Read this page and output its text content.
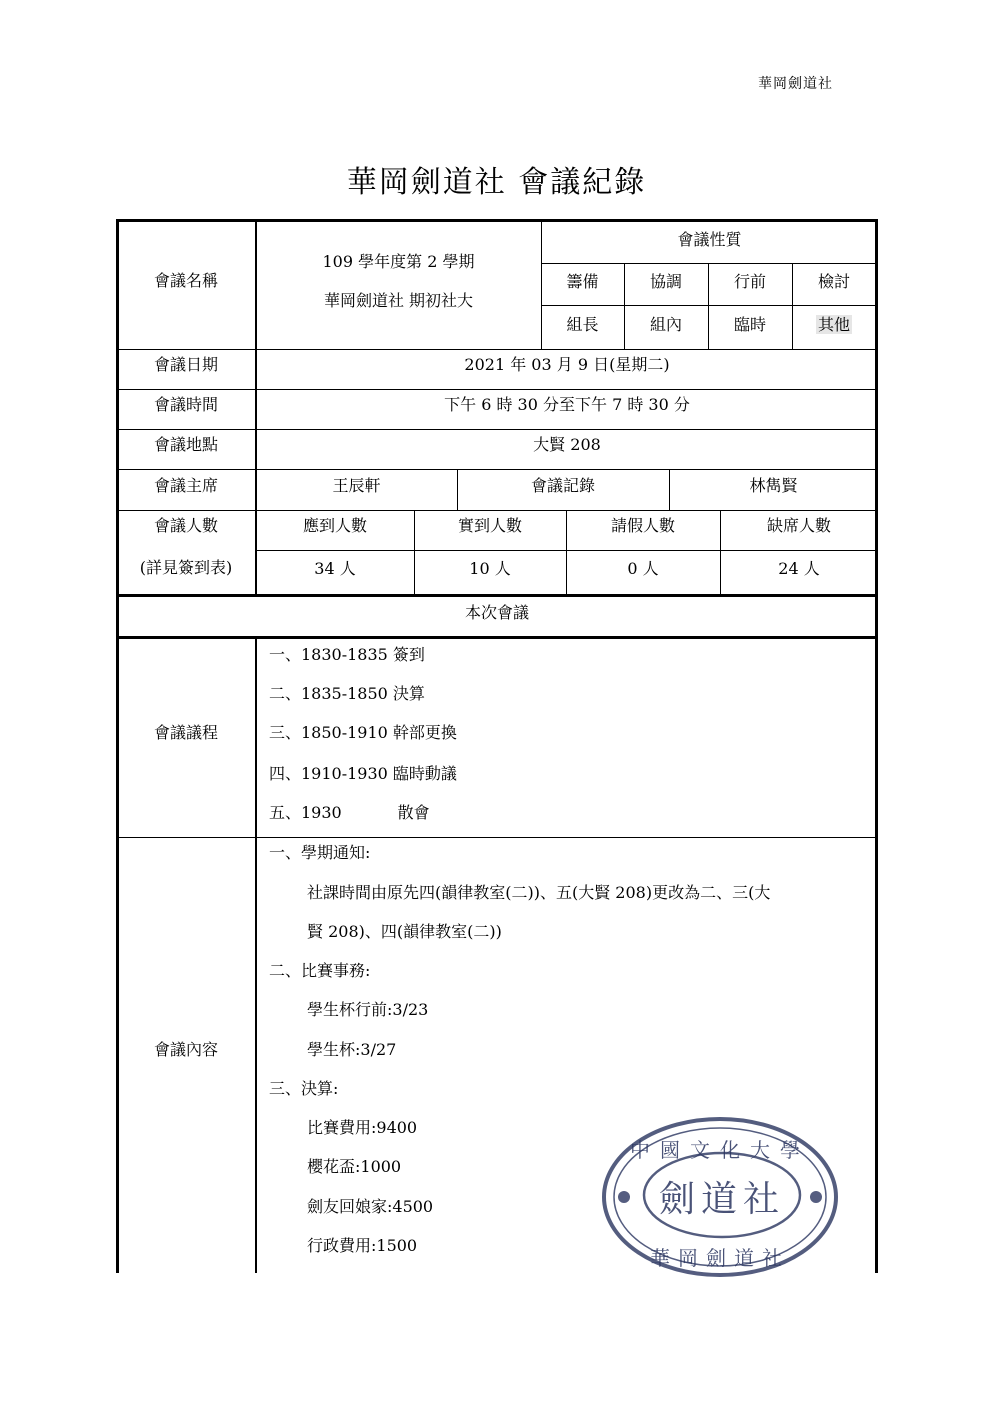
華岡劍道社
華岡劍道社 會議紀錄
會議名稱
109 學年度第 2 學期
華岡劍道社 期初社大
會議性質
籌備	協調	行前	檢討
組長	組內	臨時	其他
會議日期	2021 年 03 月 9 日(星期二)
會議時間	下午 6 時 30 分至下午 7 時 30 分
會議地點	大賢 208
會議主席	王辰軒	會議記錄	林雋賢
會議人數
(詳見簽到表)
應到人數	實到人數	請假人數	缺席人數
34 人	10 人	0 人	24 人
本次會議
會議議程
一、1830-1835 簽到
二、1835-1850 決算
三、1850-1910 幹部更換
四、1910-1930 臨時動議
五、1930           散會
會議內容
一、學期通知:
社課時間由原先四(韻律教室(二))、五(大賢 208)更改為二、三(大
賢 208)、四(韻律教室(二))
二、比賽事務:
學生杯行前:3/23
學生杯:3/27
三、決算:
比賽費用:9400
櫻花盃:1000
劍友回娘家:4500
行政費用:1500
中國文化大學
劍道社
華岡劍道社
